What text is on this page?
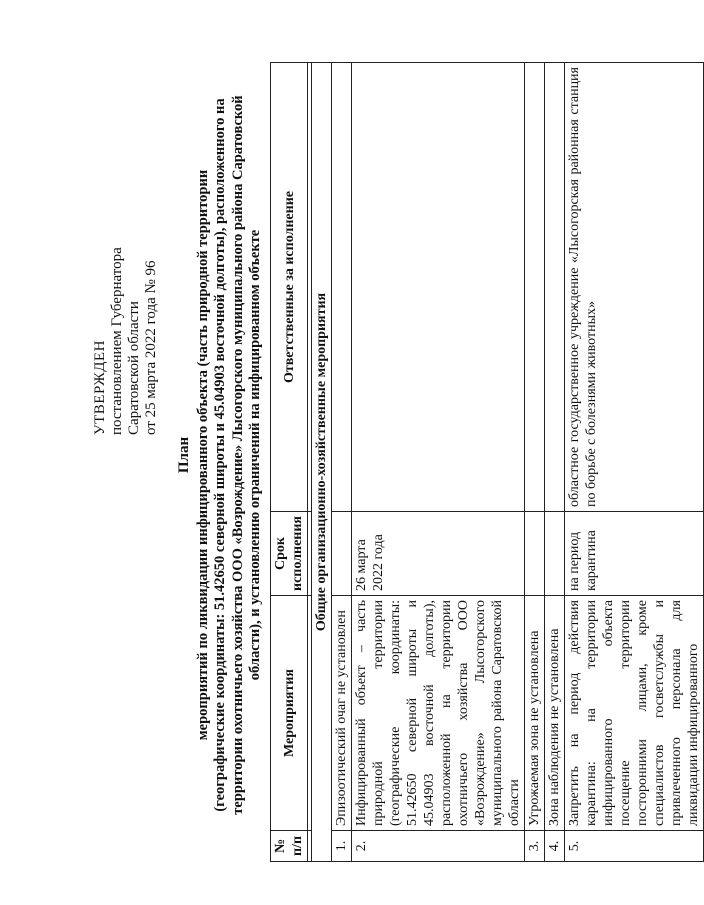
УТВЕРЖДЕН постановлением Губернатора Саратовской области от 25 марта 2022 года № 96
План мероприятий по ликвидации инфицированного объекта (часть природной территории (географические координаты: 51.42650 северной широты и 45.04903 восточной долготы), расположенного на территории охотничьего хозяйства ООО «Возрождение» Лысогорского муниципального района Саратовской области), и установлению ограничений на инфицированном объекте
№ п/п	Мероприятия	Срок исполнения	Ответственные за исполнение

Общие организационно-хозяйственные мероприятия			
1.	Эпизоотический очаг не установлен		
2.	Инфицированный объект – часть природной территории (географические координаты: 51.42650 северной широты и 45.04903 восточной долготы), расположенной на территории охотничьего хозяйства ООО «Возрождение» Лысогорского муниципального района Саратовской области	26 марта 2022 года	
3.	Угрожаемая зона не установлена		
4.	Зона наблюдения не установлена		
5.	Запретить на период действия карантина: на территории инфицированного объекта посещение территории посторонними лицами, кроме специалистов госветслужбы и привлеченного персонала для ликвидации инфицированного	на период карантина	областное государственное учреждение «Лысогорская районная станция по борьбе с болезнями животных»
